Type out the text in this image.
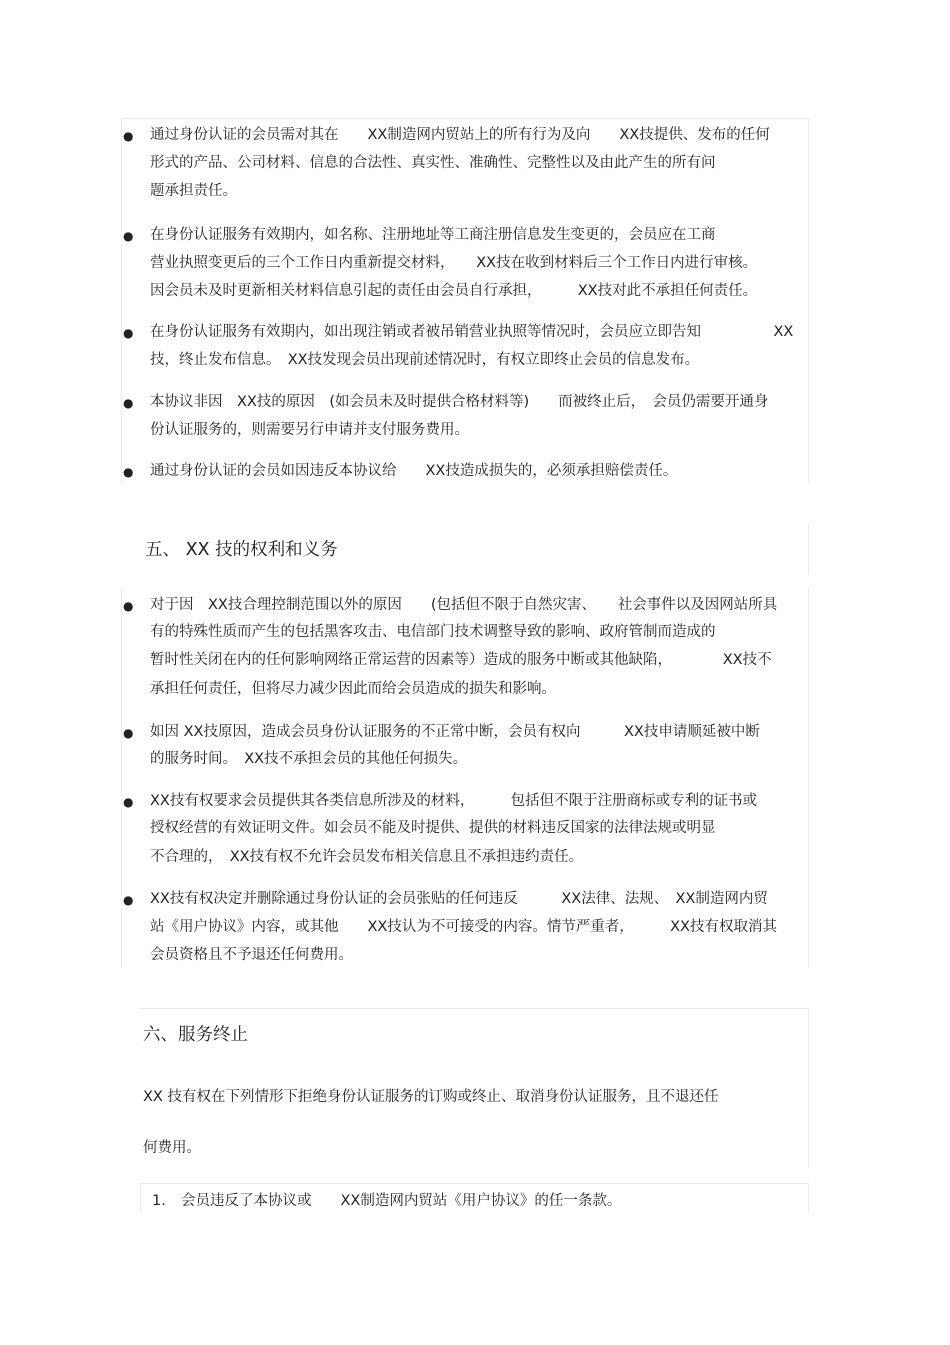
● 通过身份认证的会员需对其在　　XX制造网内贸站上的所有行为及向　　XX技提供、发布的任何
形式的产品、公司材料、信息的合法性、真实性、准确性、完整性以及由此产生的所有问
题承担责任。
● 在身份认证服务有效期内，如名称、注册地址等工商注册信息发生变更的，会员应在工商
营业执照变更后的三个工作日内重新提交材料，　　XX技在收到材料后三个工作日内进行审核。
因会员未及时更新相关材料信息引起的责任由会员自行承担，　　　XX技对此不承担任何责任。
● 在身份认证服务有效期内，如出现注销或者被吊销营业执照等情况时，会员应立即告知　　　　　XX
技，终止发布信息。　XX技发现会员出现前述情况时，有权立即终止会员的信息发布。
● 本协议非因　XX技的原因　(如会员未及时提供合格材料等)　　而被终止后，　会员仍需要开通身
份认证服务的，则需要另行申请并支付服务费用。
● 通过身份认证的会员如因违反本协议给　　XX技造成损失的，必须承担赔偿责任。
五、 XX 技的权利和义务
● 对于因　XX技合理控制范围以外的原因　　(包括但不限于自然灾害、　　社会事件以及因网站所具
有的特殊性质而产生的包括黑客攻击、电信部门技术调整导致的影响、政府管制而造成的
暂时性关闭在内的任何影响网络正常运营的因素等）造成的服务中断或其他缺陷，　　　　XX技不
承担任何责任，但将尽力减少因此而给会员造成的损失和影响。
● 如因 XX技原因，造成会员身份认证服务的不正常中断，会员有权向　　　XX技申请顺延被中断
的服务时间。　XX技不承担会员的其他任何损失。
● XX技有权要求会员提供其各类信息所涉及的材料，　　　包括但不限于注册商标或专利的证书或
授权经营的有效证明文件。如会员不能及时提供、提供的材料违反国家的法律法规或明显
不合理的，　XX技有权不允许会员发布相关信息且不承担违约责任。
● XX技有权决定并删除通过身份认证的会员张贴的任何违反　　　XX法律、法规、　XX制造网内贸
站《用户协议》内容，或其他　　XX技认为不可接受的内容。情节严重者，　　　XX技有权取消其
会员资格且不予退还任何费用。
六、服务终止
XX 技有权在下列情形下拒绝身份认证服务的订购或终止、取消身份认证服务，且不退还任
何费用。
1. 会员违反了本协议或　　XX制造网内贸站《用户协议》的任一条款。
